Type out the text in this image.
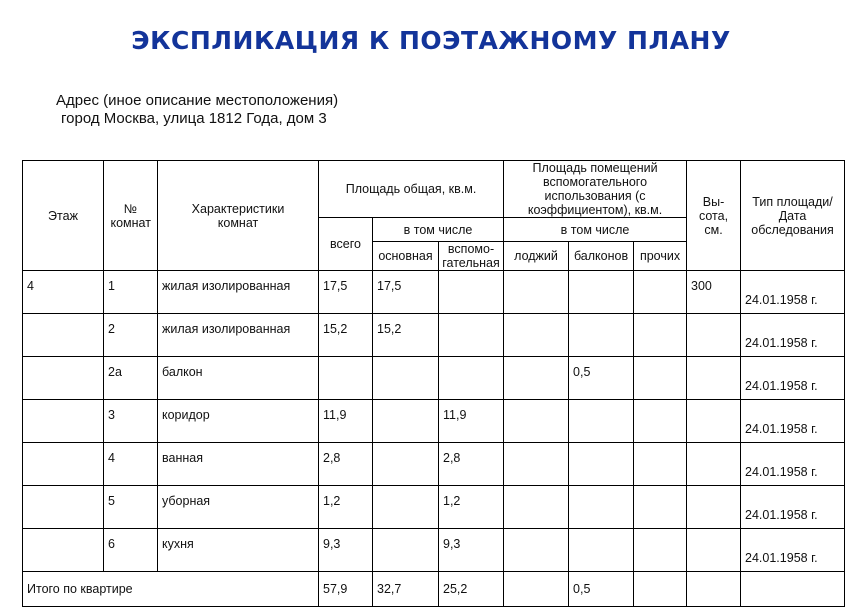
ЭКСПЛИКАЦИЯ К ПОЭТАЖНОМУ ПЛАНУ
Адрес (иное описание местоположения)
город Москва, улица 1812 Года, дом 3
Этаж	№ комнат	Характеристики комнат	Площадь общая, кв.м.			Площадь помещений вспомогательного использования (с коэффициентом), кв.м.			Вы-сота, см.	Тип площади/ Дата обследования
			всего	в том числе		в том числе				
				основная	вспомо-гательная	лоджий	балконов	прочих		
4	1	жилая изолированная	17,5	17,5					300	24.01.1958 г.
	2	жилая изолированная	15,2	15,2						24.01.1958 г.
	2а	балкон					0,5			24.01.1958 г.
	3	коридор	11,9		11,9					24.01.1958 г.
	4	ванная	2,8		2,8					24.01.1958 г.
	5	уборная	1,2		1,2					24.01.1958 г.
	6	кухня	9,3		9,3					24.01.1958 г.
Итого по квартире			57,9	32,7	25,2		0,5			
